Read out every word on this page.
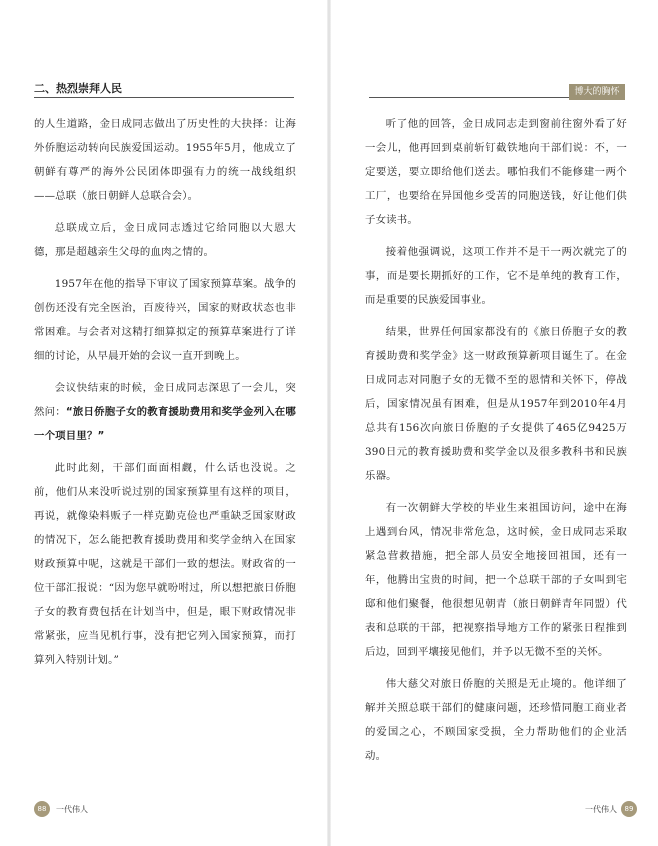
二、热烈崇拜人民

的人生道路，金日成同志做出了历史性的大抉择：让海外侨胞运动转向民族爱国运动。1955年5月，他成立了朝鲜有尊严的海外公民团体即强有力的统一战线组织——总联（旅日朝鲜人总联合会）。

总联成立后，金日成同志透过它给同胞以大恩大德，那是超越亲生父母的血肉之情的。

1957年在他的指导下审议了国家预算草案。战争的创伤还没有完全医治，百废待兴，国家的财政状态也非常困难。与会者对这精打细算拟定的预算草案进行了详细的讨论，从早晨开始的会议一直开到晚上。

会议快结束的时候，金日成同志深思了一会儿，突然问：“旅日侨胞子女的教育援助费用和奖学金列入在哪一个项目里？”

此时此刻，干部们面面相觑，什么话也没说。之前，他们从来没听说过别的国家预算里有这样的项目，再说，就像染料贩子一样克勤克俭也严重缺乏国家财政的情况下，怎么能把教育援助费用和奖学金纳入在国家财政预算中呢，这就是干部们一致的想法。财政省的一位干部汇报说：“因为您早就吩咐过，所以想把旅日侨胞子女的教育费包括在计划当中，但是，眼下财政情况非常紧张，应当见机行事，没有把它列入国家预算，而打算列入特别计划。”

88	一代伟人
博大的胸怀

听了他的回答，金日成同志走到窗前往窗外看了好一会儿，他再回到桌前斩钉截铁地向干部们说：不，一定要送，要立即给他们送去。哪怕我们不能修建一两个工厂，也要给在异国他乡受苦的同胞送钱，好让他们供子女读书。

接着他强调说，这项工作并不是干一两次就完了的事，而是要长期抓好的工作，它不是单纯的教育工作，而是重要的民族爱国事业。

结果，世界任何国家都没有的《旅日侨胞子女的教育援助费和奖学金》这一财政预算新项目诞生了。在金日成同志对同胞子女的无微不至的恩情和关怀下，停战后，国家情况虽有困难，但是从1957年到2010年4月总共有156次向旅日侨胞的子女提供了465亿9425万390日元的教育援助费和奖学金以及很多教科书和民族乐器。

有一次朝鲜大学校的毕业生来祖国访问，途中在海上遇到台风，情况非常危急，这时候，金日成同志采取紧急营救措施，把全部人员安全地接回祖国，还有一年，他腾出宝贵的时间，把一个总联干部的子女叫到宅邸和他们聚餐，他很想见朝青（旅日朝鲜青年同盟）代表和总联的干部，把视察指导地方工作的紧张日程推到后边，回到平壤接见他们，并予以无微不至的关怀。

伟大慈父对旅日侨胞的关照是无止境的。他详细了解并关照总联干部们的健康问题，还珍惜同胞工商业者的爱国之心，不顾国家受损，全力帮助他们的企业活动。

一代伟人	89
